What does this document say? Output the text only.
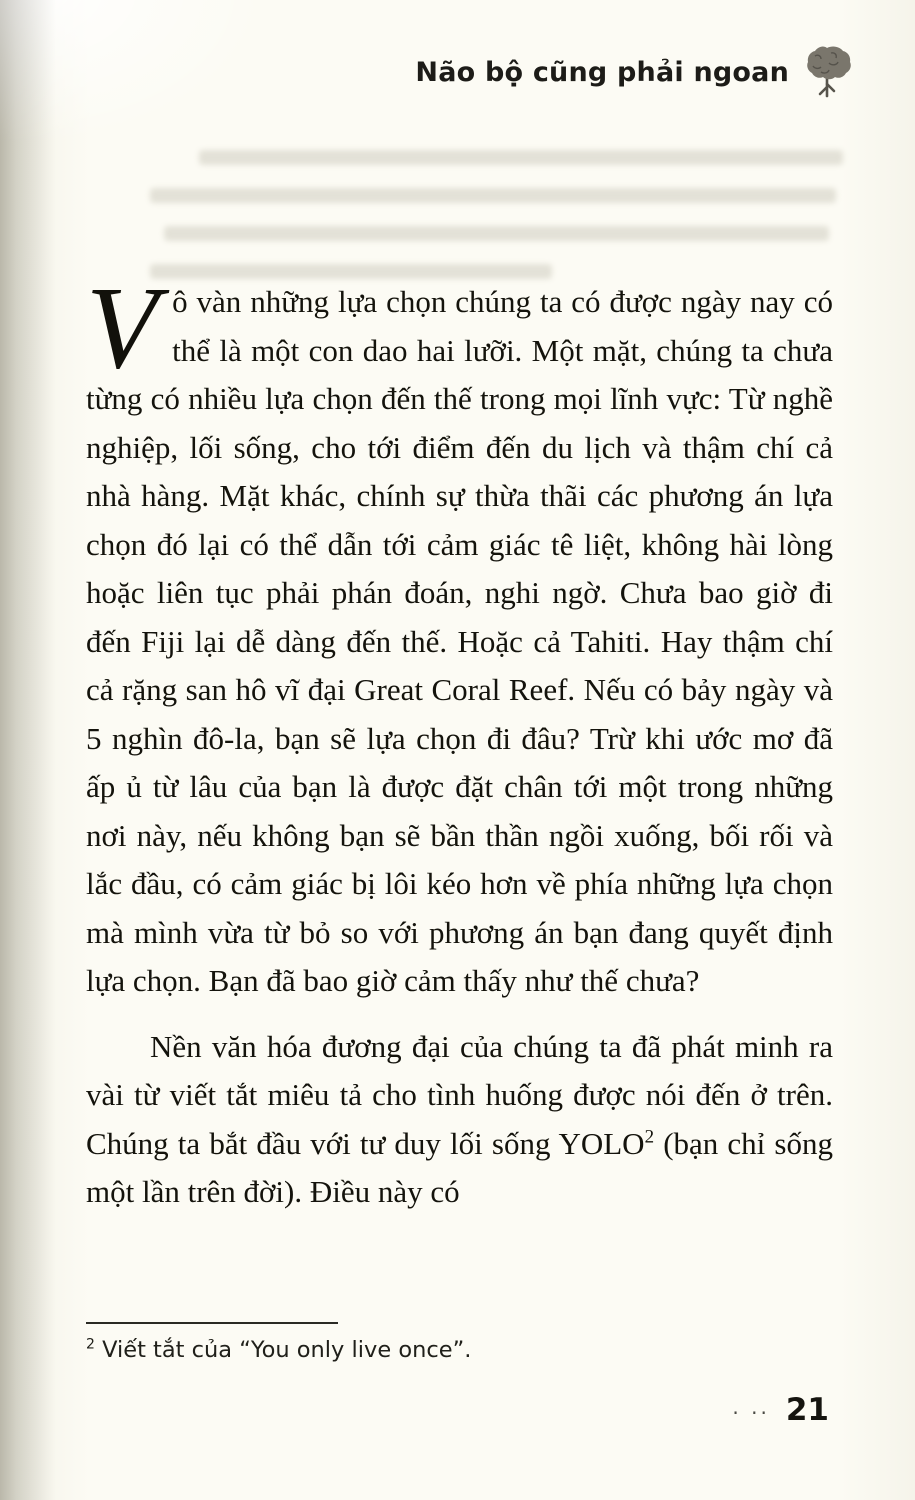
Não bộ cũng phải ngoan

Vô vàn những lựa chọn chúng ta có được ngày nay có thể là một con dao hai lưỡi. Một mặt, chúng ta chưa từng có nhiều lựa chọn đến thế trong mọi lĩnh vực: Từ nghề nghiệp, lối sống, cho tới điểm đến du lịch và thậm chí cả nhà hàng. Mặt khác, chính sự thừa thãi các phương án lựa chọn đó lại có thể dẫn tới cảm giác tê liệt, không hài lòng hoặc liên tục phải phán đoán, nghi ngờ. Chưa bao giờ đi đến Fiji lại dễ dàng đến thế. Hoặc cả Tahiti. Hay thậm chí cả rặng san hô vĩ đại Great Coral Reef. Nếu có bảy ngày và 5 nghìn đô-la, bạn sẽ lựa chọn đi đâu? Trừ khi ước mơ đã ấp ủ từ lâu của bạn là được đặt chân tới một trong những nơi này, nếu không bạn sẽ bần thần ngồi xuống, bối rối và lắc đầu, có cảm giác bị lôi kéo hơn về phía những lựa chọn mà mình vừa từ bỏ so với phương án bạn đang quyết định lựa chọn. Bạn đã bao giờ cảm thấy như thế chưa?

Nền văn hóa đương đại của chúng ta đã phát minh ra vài từ viết tắt miêu tả cho tình huống được nói đến ở trên. Chúng ta bắt đầu với tư duy lối sống YOLO$^2$ (bạn chỉ sống một lần trên đời). Điều này có

$^2$ Viết tắt của “You only live once”.
· ·· 21
